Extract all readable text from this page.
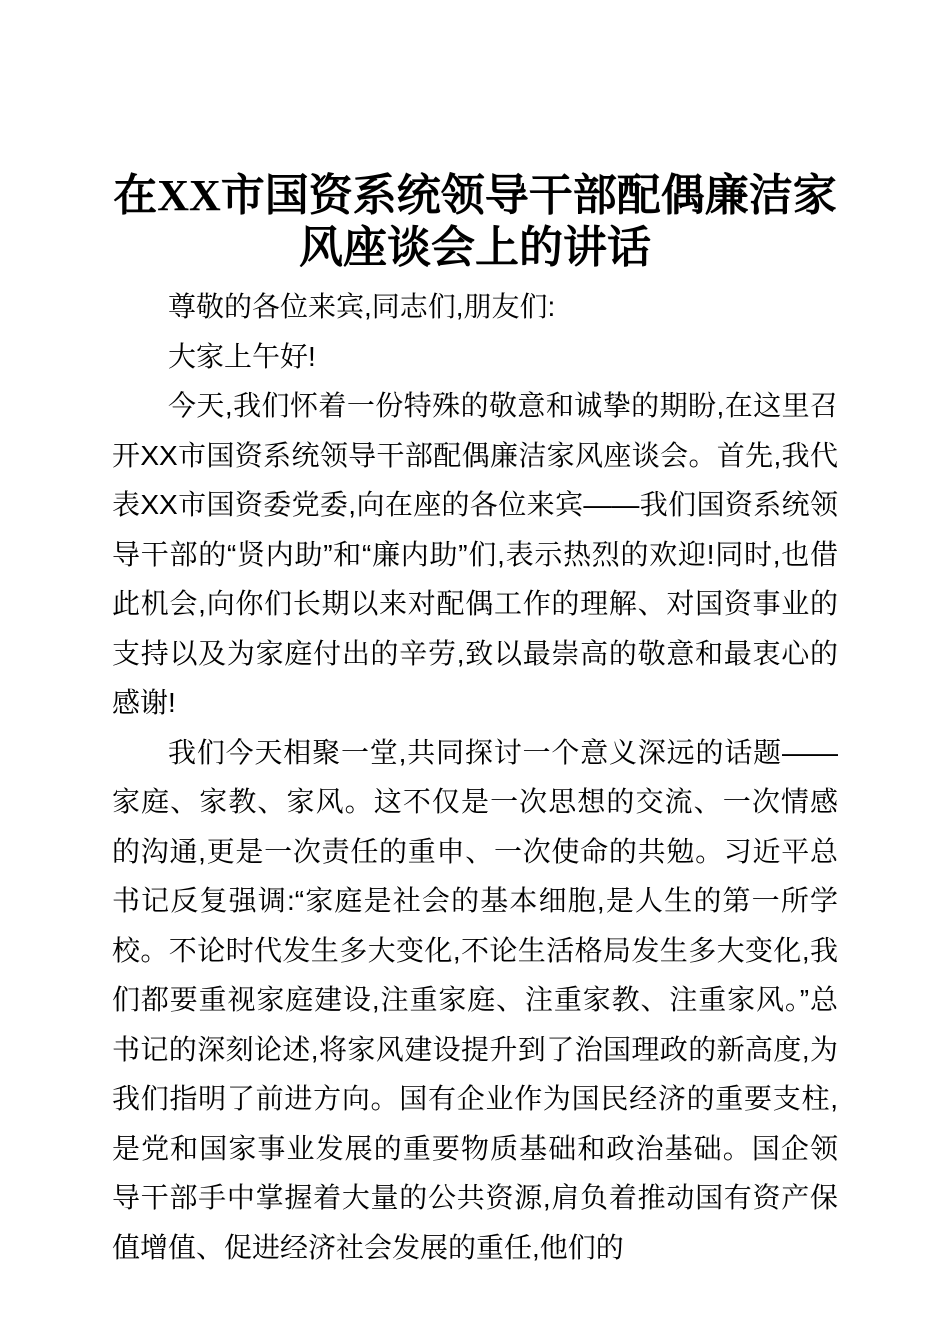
在XX市国资系统领导干部配偶廉洁家风座谈会上的讲话

尊敬的各位来宾,同志们,朋友们:

大家上午好!

今天,我们怀着一份特殊的敬意和诚挚的期盼,在这里召开XX市国资系统领导干部配偶廉洁家风座谈会。首先,我代表XX市国资委党委,向在座的各位来宾——我们国资系统领导干部的“贤内助”和“廉内助”们,表示热烈的欢迎!同时,也借此机会,向你们长期以来对配偶工作的理解、对国资事业的支持以及为家庭付出的辛劳,致以最崇高的敬意和最衷心的感谢!

我们今天相聚一堂,共同探讨一个意义深远的话题——家庭、家教、家风。这不仅是一次思想的交流、一次情感的沟通,更是一次责任的重申、一次使命的共勉。习近平总书记反复强调:“家庭是社会的基本细胞,是人生的第一所学校。不论时代发生多大变化,不论生活格局发生多大变化,我们都要重视家庭建设,注重家庭、注重家教、注重家风。”总书记的深刻论述,将家风建设提升到了治国理政的新高度,为我们指明了前进方向。国有企业作为国民经济的重要支柱,是党和国家事业发展的重要物质基础和政治基础。国企领导干部手中掌握着大量的公共资源,肩负着推动国有资产保值增值、促进经济社会发展的重任,他们的
